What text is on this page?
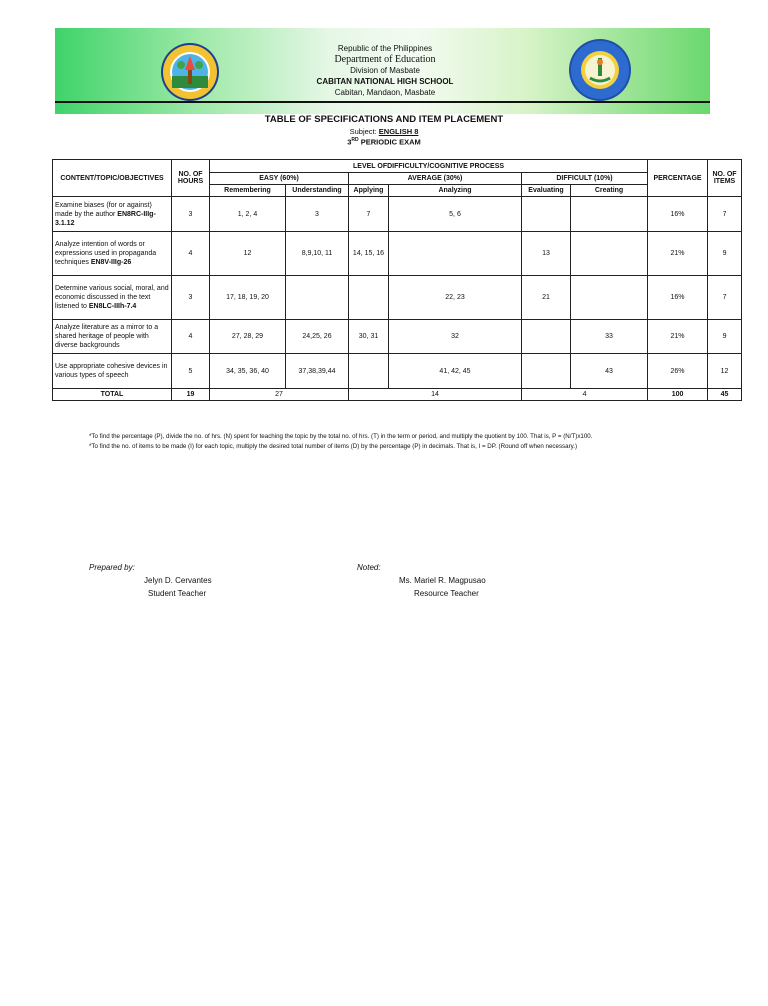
Republic of the Philippines
Department of Education
Division of Masbate
CABITAN NATIONAL HIGH SCHOOL
Cabitan, Mandaon, Masbate
TABLE OF SPECIFICATIONS AND ITEM PLACEMENT
Subject: ENGLISH 8
3RD PERIODIC EXAM
CONTENT/TOPIC/OBJECTIVES	NO. OF HOURS	LEVEL OFDIFFICULTY/COGNITIVE PROCESS						PERCENTAGE	NO. OF ITEMS
		EASY (60%)		AVERAGE (30%)		DIFFICULT (10%)			
		Remembering	Understanding	Applying	Analyzing	Evaluating	Creating		
Examine biases (for or against) made by the author EN8RC-IIIg-3.1.12	3	1, 2, 4	3	7	5, 6			16%	7
Analyze intention of words or expressions used in propaganda techniques EN8V-IIIg-26	4	12	8,9,10, 11	14, 15, 16		13		21%	9
Determine various social, moral, and economic discussed in the text listened to EN8LC-IIIh-7.4	3	17, 18, 19, 20			22, 23	21		16%	7
Analyze literature as a mirror to a shared heritage of people with diverse backgrounds	4	27, 28, 29	24,25, 26	30, 31	32		33	21%	9
Use appropriate cohesive devices in various types of speech	5	34, 35, 36, 40	37,38,39,44		41, 42, 45		43	26%	12
TOTAL	19	27		14		4		100	45
*To find the percentage (P), divide the no. of hrs. (N) spent for teaching the topic by the total no. of hrs. (T) in the term or period, and multiply the quotient by 100. That is, P = (N/T)x100.
*To find the no. of items to be made (I) for each topic, multiply the desired total number of items (D) by the percentage (P) in decimals. That is, I = DP. (Round off when necessary.)
Prepared by:
Jelyn D. Cervantes
Student Teacher
Noted:
Ms. Mariel R. Magpusao
Resource Teacher
